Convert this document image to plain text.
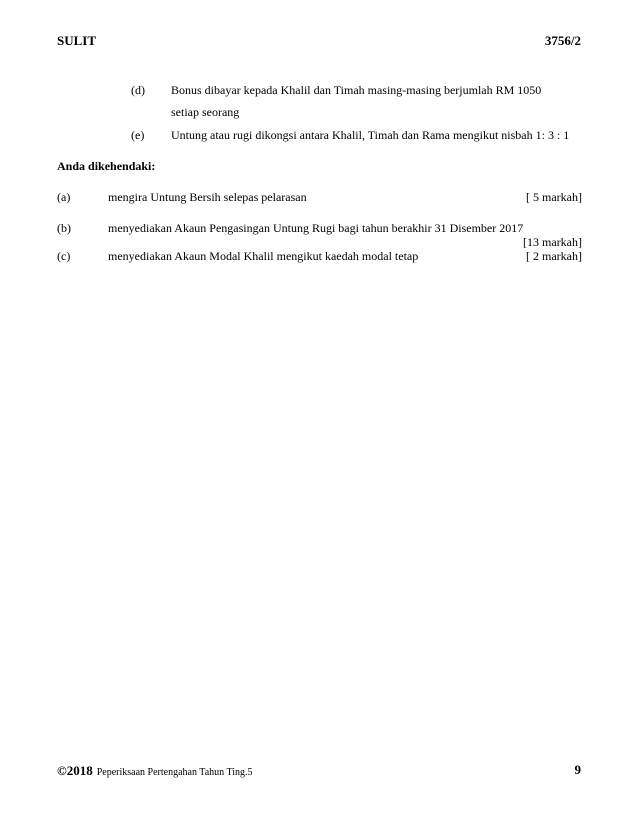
SULIT	3756/2
(d) Bonus dibayar kepada Khalil dan Timah masing-masing berjumlah RM 1050
setiap seorang
(e) Untung atau rugi dikongsi antara Khalil, Timah dan Rama mengikut nisbah 1: 3 : 1
Anda dikehendaki:
(a)	mengira Untung Bersih selepas pelarasan	[ 5 markah]
(b)	menyediakan Akaun Pengasingan Untung Rugi bagi tahun berakhir 31 Disember 2017
[13 markah]
(c)	menyediakan Akaun Modal Khalil mengikut kaedah modal tetap	[ 2 markah]
©2018 Peperiksaan Pertengahan Tahun Ting.5	9
